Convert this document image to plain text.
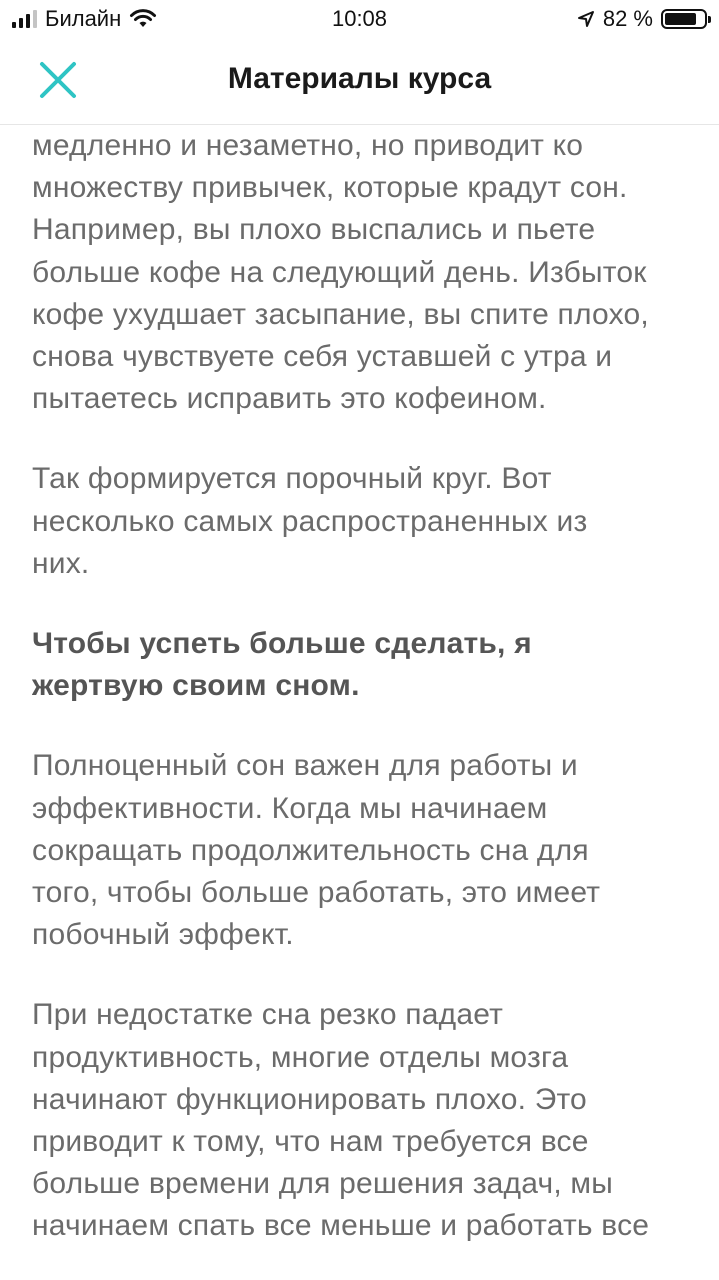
Билайн	10:08	82 %
Материалы курса

медленно и незаметно, но приводит ко

множеству привычек, которые крадут сон.

Например, вы плохо выспались и пьете

больше кофе на следующий день. Избыток

кофе ухудшает засыпание, вы спите плохо,

снова чувствуете себя уставшей с утра и

пытаетесь исправить это кофеином.

Так формируется порочный круг. Вот

несколько самых распространенных из

них.

Чтобы успеть больше сделать, я

жертвую своим сном.

Полноценный сон важен для работы и

эффективности. Когда мы начинаем

сокращать продолжительность сна для

того, чтобы больше работать, это имеет

побочный эффект.

При недостатке сна резко падает

продуктивность, многие отделы мозга

начинают функционировать плохо. Это

приводит к тому, что нам требуется все

больше времени для решения задач, мы

начинаем спать все меньше и работать все
